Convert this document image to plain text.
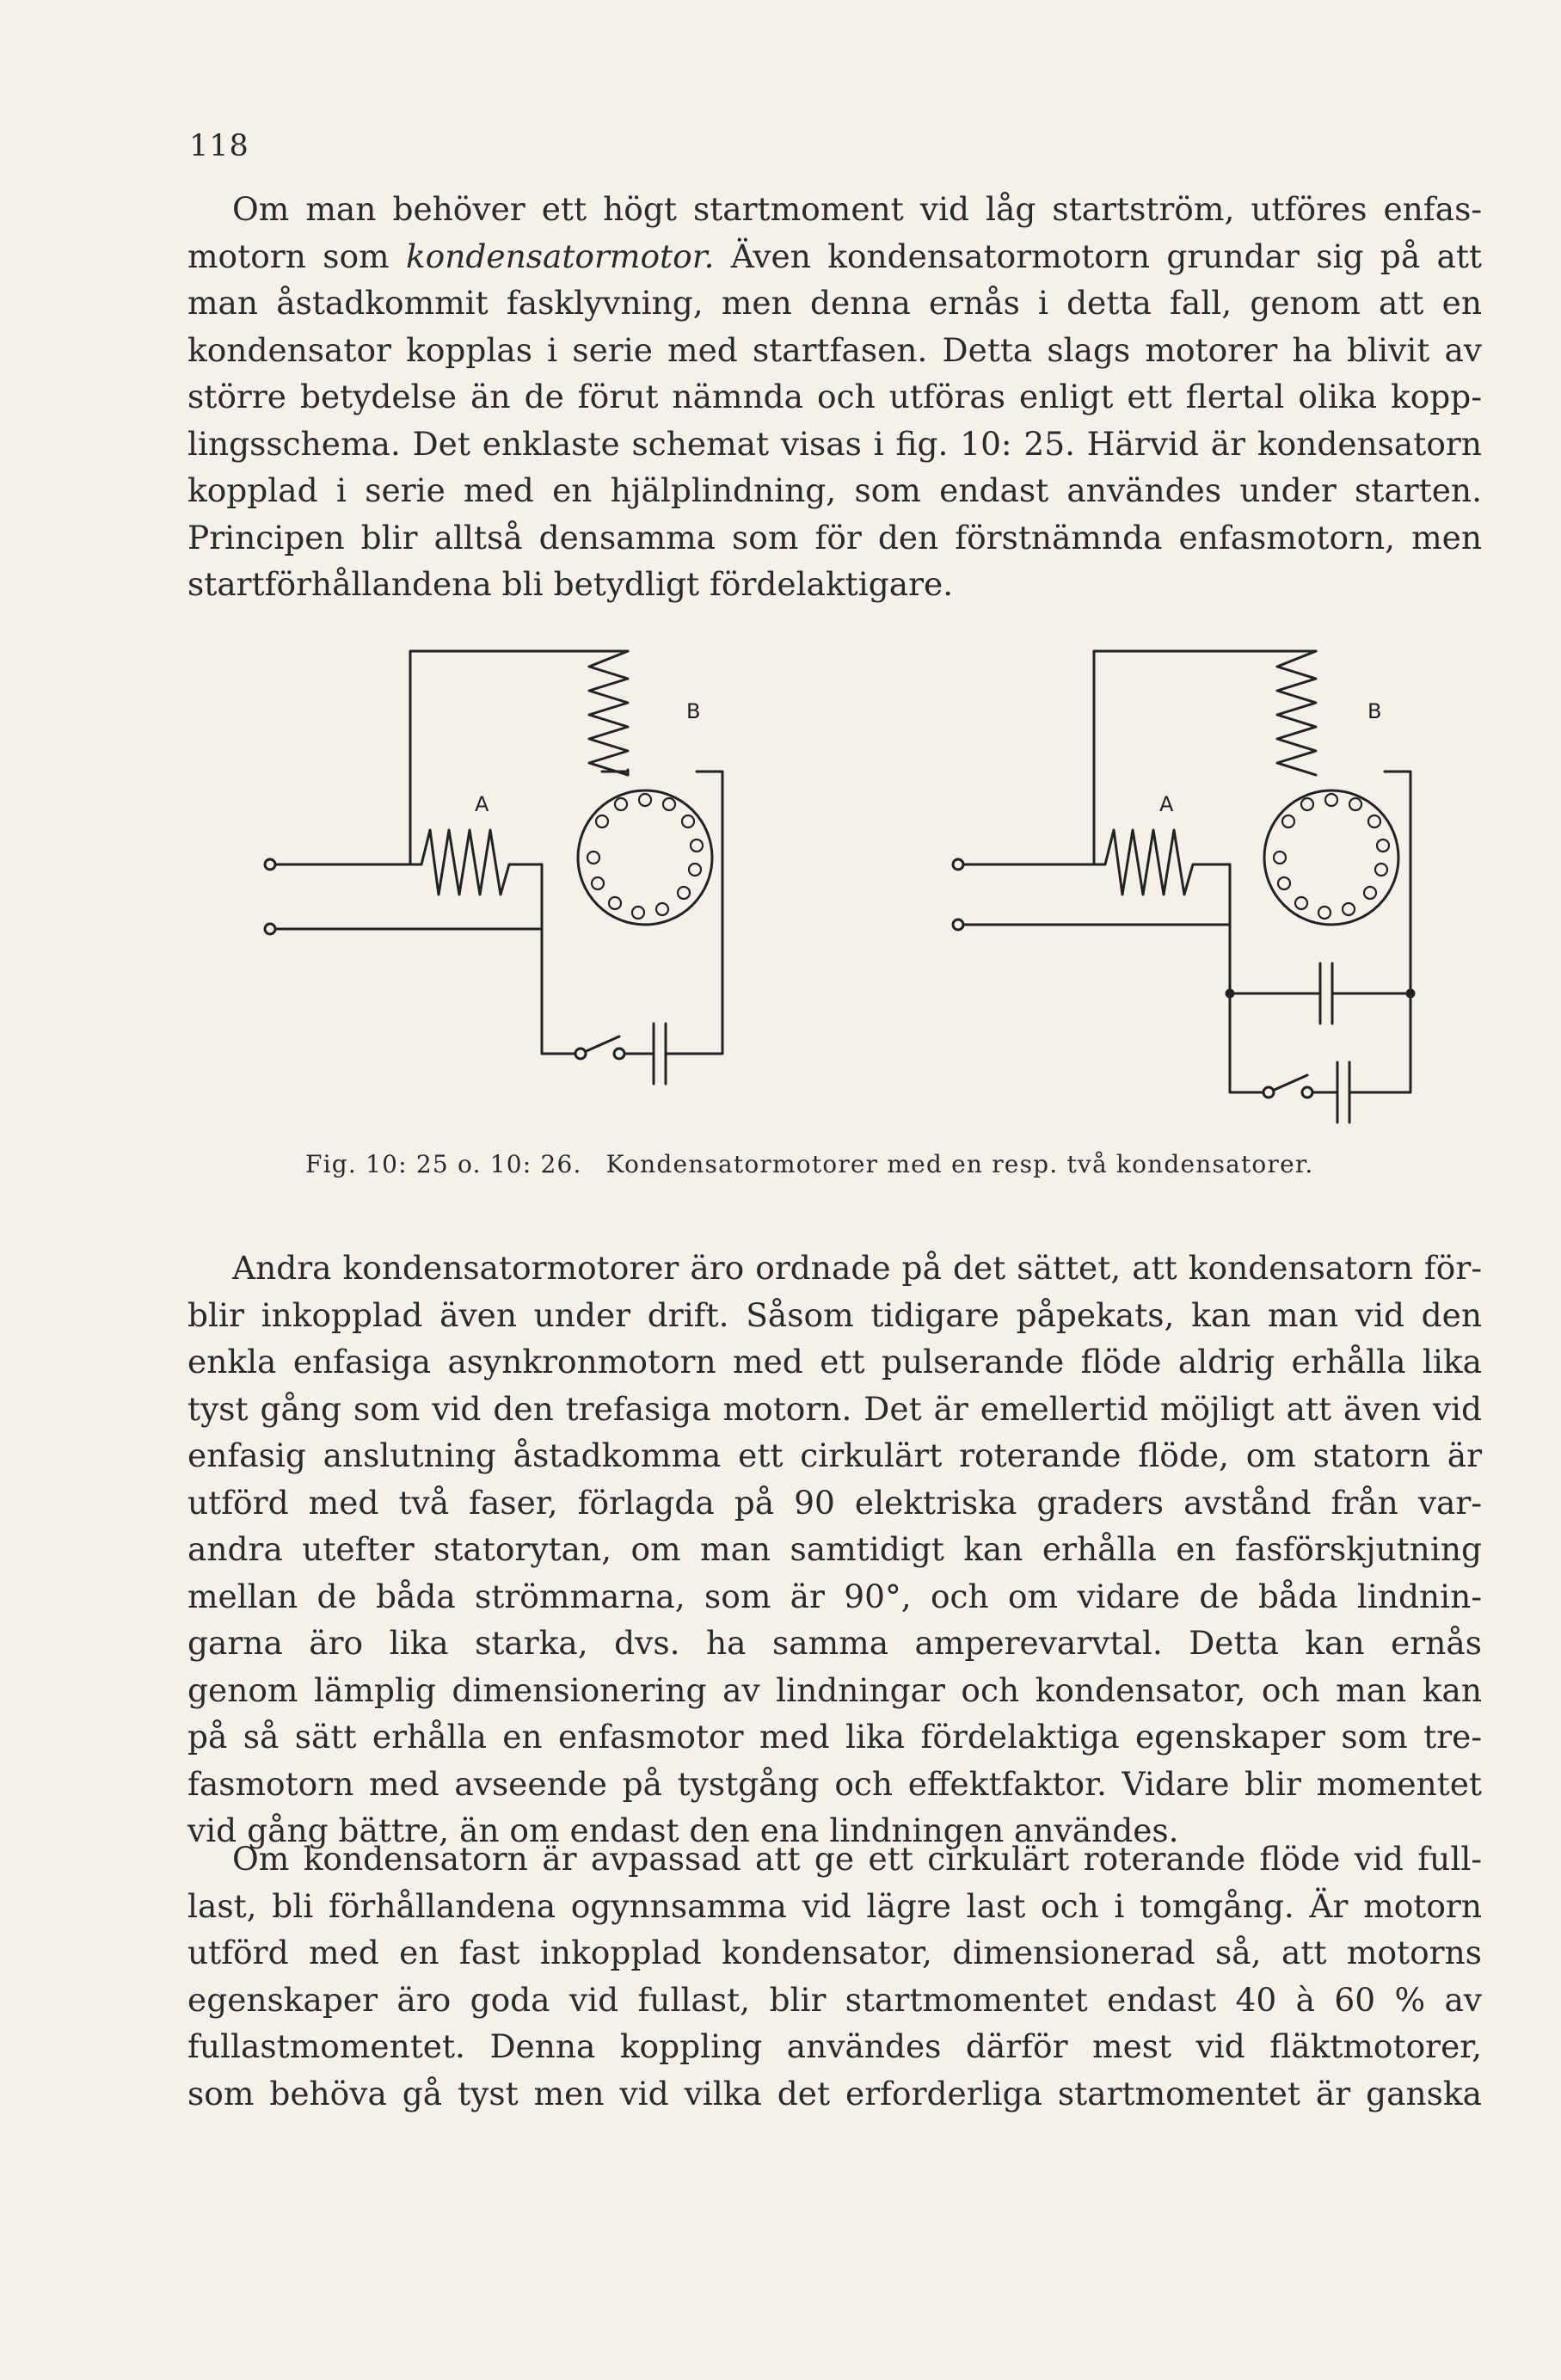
118
Om man behöver ett högt startmoment vid låg startström, utföres enfas-
motorn som kondensatormotor. Även kondensatormotorn grundar sig på att
man åstadkommit fasklyvning, men denna ernås i detta fall, genom att en
kondensator kopplas i serie med startfasen. Detta slags motorer ha blivit av
större betydelse än de förut nämnda och utföras enligt ett flertal olika kopp-
lingsschema. Det enklaste schemat visas i fig. 10: 25. Härvid är kondensatorn
kopplad i serie med en hjälplindning, som endast användes under starten.
Principen blir alltså densamma som för den förstnämnda enfasmotorn, men
startförhållandena bli betydligt fördelaktigare.
A
B
A
B
Fig. 10: 25 o. 10: 26. Kondensatormotorer med en resp. två kondensatorer.
Andra kondensatormotorer äro ordnade på det sättet, att kondensatorn för-
blir inkopplad även under drift. Såsom tidigare påpekats, kan man vid den
enkla enfasiga asynkronmotorn med ett pulserande flöde aldrig erhålla lika
tyst gång som vid den trefasiga motorn. Det är emellertid möjligt att även vid
enfasig anslutning åstadkomma ett cirkulärt roterande flöde, om statorn är
utförd med två faser, förlagda på 90 elektriska graders avstånd från var-
andra utefter statorytan, om man samtidigt kan erhålla en fasförskjutning
mellan de båda strömmarna, som är 90°, och om vidare de båda lindnin-
garna äro lika starka, dvs. ha samma amperevarvtal. Detta kan ernås
genom lämplig dimensionering av lindningar och kondensator, och man kan
på så sätt erhålla en enfasmotor med lika fördelaktiga egenskaper som tre-
fasmotorn med avseende på tystgång och effektfaktor. Vidare blir momentet
vid gång bättre, än om endast den ena lindningen användes.
Om kondensatorn är avpassad att ge ett cirkulärt roterande flöde vid full-
last, bli förhållandena ogynnsamma vid lägre last och i tomgång. Är motorn
utförd med en fast inkopplad kondensator, dimensionerad så, att motorns
egenskaper äro goda vid fullast, blir startmomentet endast 40 à 60 % av
fullastmomentet. Denna koppling användes därför mest vid fläktmotorer,
som behöva gå tyst men vid vilka det erforderliga startmomentet är ganska
